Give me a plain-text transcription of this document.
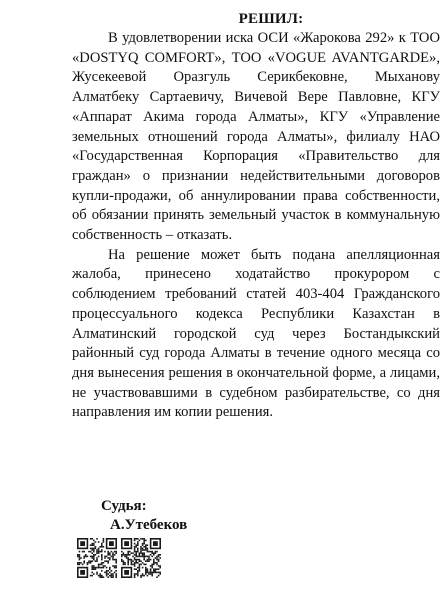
РЕШИЛ:

В удовлетворении иска ОСИ «Жарокова 292» к ТОО «DOSTYQ COMFORT», ТОО «VOGUE AVANTGARDE», Жусекеевой Оразгуль Серикбековне, Мыханову Алматбеку Сартаевичу, Вичевой Вере Павловне, КГУ «Аппарат Акима города Алматы», КГУ «Управление земельных отношений города Алматы», филиалу НАО «Государственная Корпорация «Правительство для граждан» о признании недействительными договоров купли-продажи, об аннулировании права собственности, об обязании принять земельный участок в коммунальную собственность – отказать.

На решение может быть подана апелляционная жалоба, принесено ходатайство прокурором с соблюдением требований статей 403-404 Гражданского процессуального кодекса Республики Казахстан в Алматинский городской суд через Бостандыкский районный суд города Алматы в течение одного месяца со дня вынесения решения в окончательной форме, а лицами, не участвовавшими в судебном разбирательстве, со дня направления им копии решения.

Судья:
А.Утебеков
